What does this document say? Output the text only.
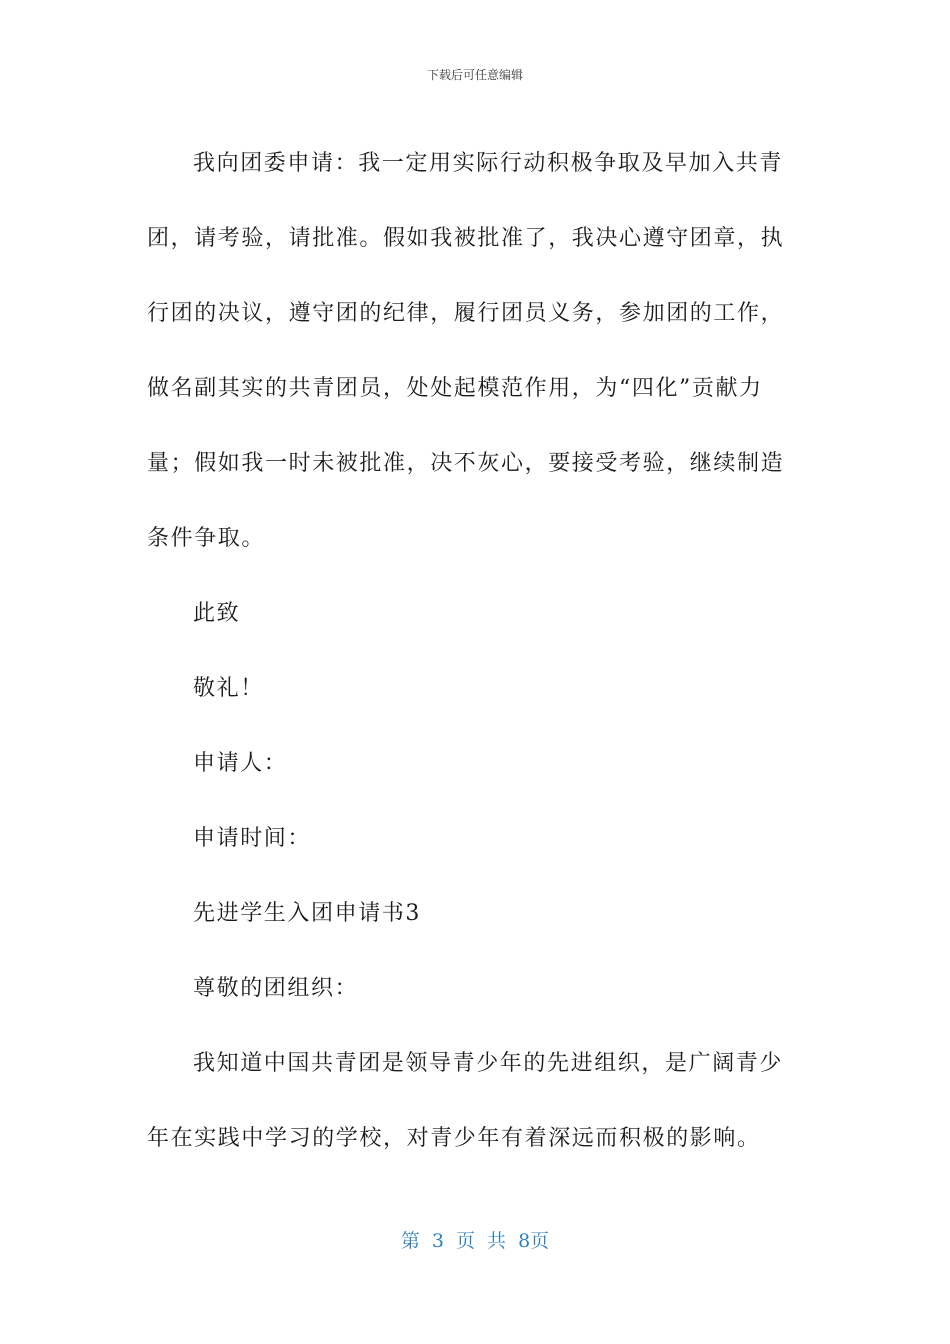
下载后可任意编辑

我向团委申请：我一定用实际行动积极争取及早加入共青
团，请考验，请批准。假如我被批准了，我决心遵守团章，执
行团的决议，遵守团的纪律，履行团员义务，参加团的工作，
做名副其实的共青团员，处处起模范作用，为“四化”贡献力
量；假如我一时未被批准，决不灰心，要接受考验，继续制造
条件争取。

此致

敬礼！

申请人：

申请时间：

先进学生入团申请书3

尊敬的团组织：

我知道中国共青团是领导青少年的先进组织，是广阔青少
年在实践中学习的学校，对青少年有着深远而积极的影响。

第 3 页 共 8页
